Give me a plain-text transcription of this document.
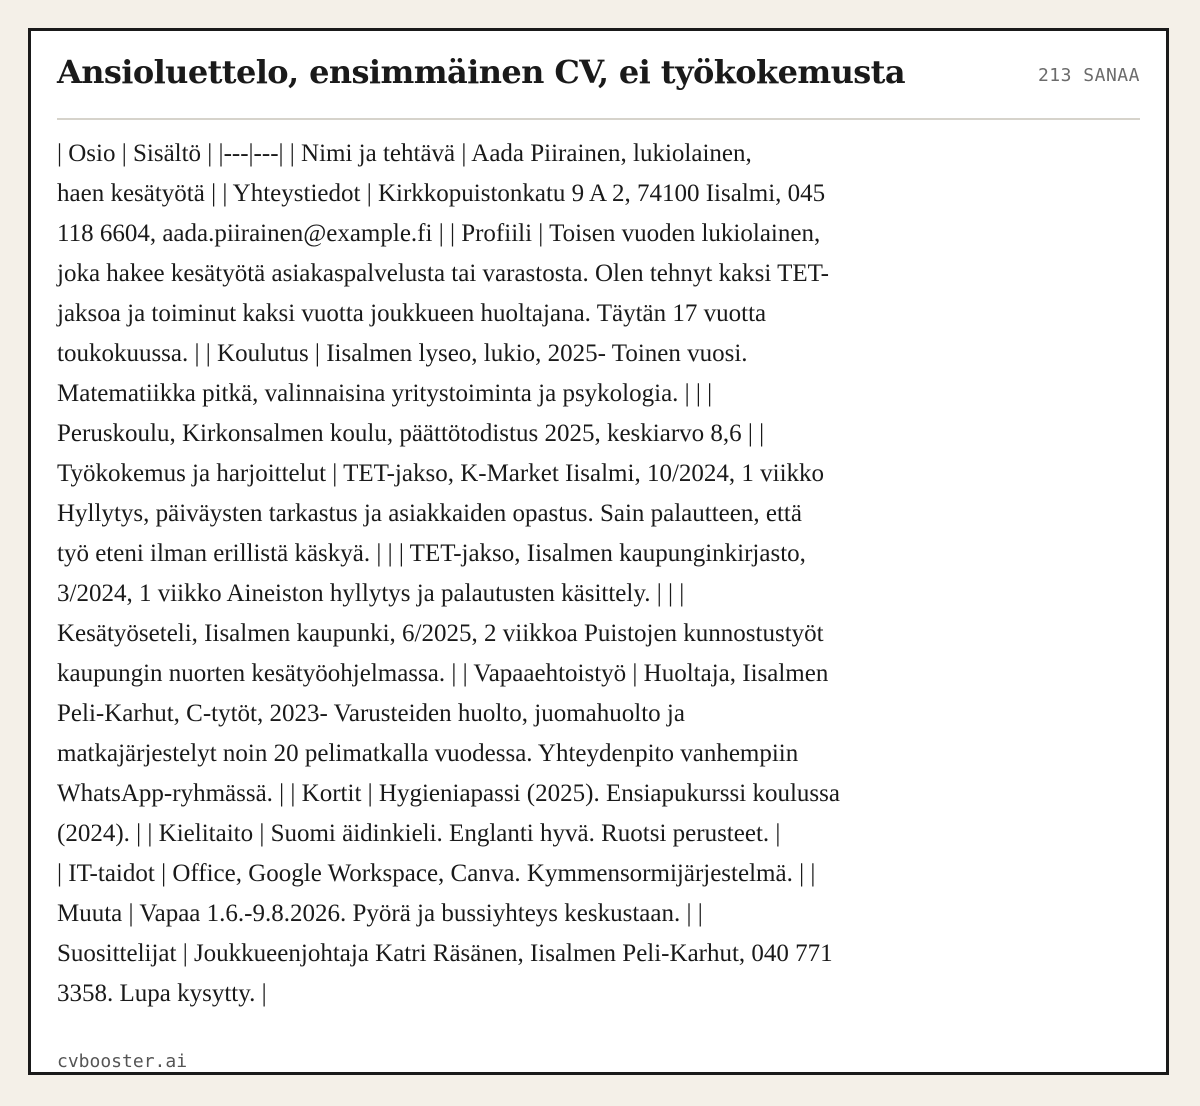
Ansioluettelo, ensimmäinen CV, ei työkokemusta	213 SANAA

| Osio | Sisältö | |---|---| | Nimi ja tehtävä | Aada Piirainen, lukiolainen,
haen kesätyötä | | Yhteystiedot | Kirkkopuistonkatu 9 A 2, 74100 Iisalmi, 045
118 6604, aada.piirainen@example.fi | | Profiili | Toisen vuoden lukiolainen,
joka hakee kesätyötä asiakaspalvelusta tai varastosta. Olen tehnyt kaksi TET-
jaksoa ja toiminut kaksi vuotta joukkueen huoltajana. Täytän 17 vuotta
toukokuussa. | | Koulutus | Iisalmen lyseo, lukio, 2025- Toinen vuosi.
Matematiikka pitkä, valinnaisina yritystoiminta ja psykologia. | | |
Peruskoulu, Kirkonsalmen koulu, päättötodistus 2025, keskiarvo 8,6 | |
Työkokemus ja harjoittelut | TET-jakso, K-Market Iisalmi, 10/2024, 1 viikko
Hyllytys, päiväysten tarkastus ja asiakkaiden opastus. Sain palautteen, että
työ eteni ilman erillistä käskyä. | | | TET-jakso, Iisalmen kaupunginkirjasto,
3/2024, 1 viikko Aineiston hyllytys ja palautusten käsittely. | | |
Kesätyöseteli, Iisalmen kaupunki, 6/2025, 2 viikkoa Puistojen kunnostustyöt
kaupungin nuorten kesätyöohjelmassa. | | Vapaaehtoistyö | Huoltaja, Iisalmen
Peli-Karhut, C-tytöt, 2023- Varusteiden huolto, juomahuolto ja
matkajärjestelyt noin 20 pelimatkalla vuodessa. Yhteydenpito vanhempiin
WhatsApp-ryhmässä. | | Kortit | Hygieniapassi (2025). Ensiapukurssi koulussa
(2024). | | Kielitaito | Suomi äidinkieli. Englanti hyvä. Ruotsi perusteet. |
| IT-taidot | Office, Google Workspace, Canva. Kymmensormijärjestelmä. | |
Muuta | Vapaa 1.6.-9.8.2026. Pyörä ja bussiyhteys keskustaan. | |
Suosittelijat | Joukkueenjohtaja Katri Räsänen, Iisalmen Peli-Karhut, 040 771
3358. Lupa kysytty. |

cvbooster.ai
